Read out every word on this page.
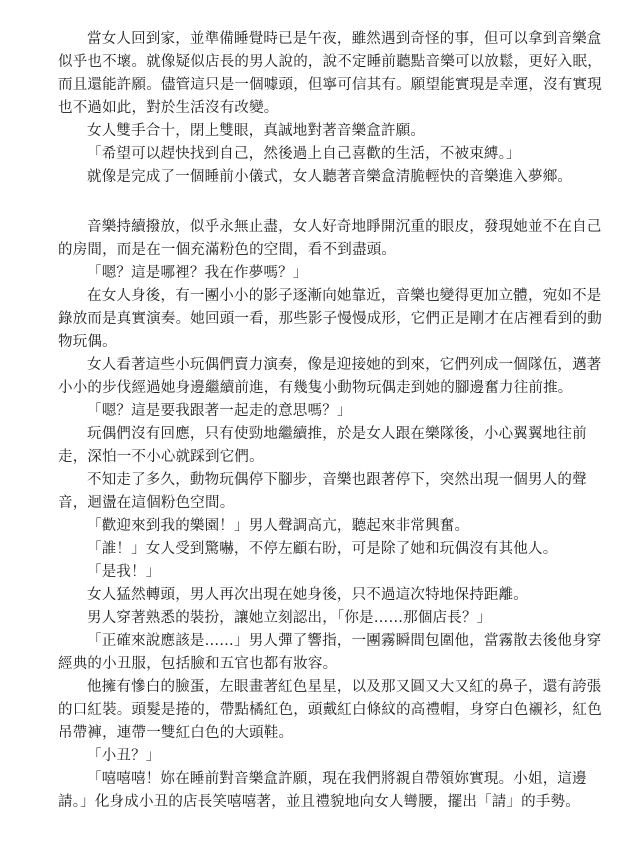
當女人回到家，並準備睡覺時已是午夜，雖然遇到奇怪的事，但可以拿到音樂盒
似乎也不壞。就像疑似店長的男人說的，說不定睡前聽點音樂可以放鬆，更好入眠，
而且還能許願。儘管這只是一個噱頭，但寧可信其有。願望能實現是幸運，沒有實現
也不過如此，對於生活沒有改變。
女人雙手合十，閉上雙眼，真誠地對著音樂盒許願。
「希望可以趕快找到自己，然後過上自己喜歡的生活，不被束縛。」
就像是完成了一個睡前小儀式，女人聽著音樂盒清脆輕快的音樂進入夢鄉。
音樂持續撥放，似乎永無止盡，女人好奇地睜開沉重的眼皮，發現她並不在自己
的房間，而是在一個充滿粉色的空間，看不到盡頭。
「嗯？這是哪裡？我在作夢嗎？」
在女人身後，有一團小小的影子逐漸向她靠近，音樂也變得更加立體，宛如不是
錄放而是真實演奏。她回頭一看，那些影子慢慢成形，它們正是剛才在店裡看到的動
物玩偶。
女人看著這些小玩偶們賣力演奏，像是迎接她的到來，它們列成一個隊伍，邁著
小小的步伐經過她身邊繼續前進，有幾隻小動物玩偶走到她的腳邊奮力往前推。
「嗯？這是要我跟著一起走的意思嗎？」
玩偶們沒有回應，只有使勁地繼續推，於是女人跟在樂隊後，小心翼翼地往前
走，深怕一不小心就踩到它們。
不知走了多久，動物玩偶停下腳步，音樂也跟著停下，突然出現一個男人的聲
音，迴盪在這個粉色空間。
「歡迎來到我的樂園！」男人聲調高亢，聽起來非常興奮。
「誰！」女人受到驚嚇，不停左顧右盼，可是除了她和玩偶沒有其他人。
「是我！」
女人猛然轉頭，男人再次出現在她身後，只不過這次特地保持距離。
男人穿著熟悉的裝扮，讓她立刻認出，「你是……那個店長？」
「正確來說應該是……」男人彈了響指，一團霧瞬間包圍他，當霧散去後他身穿
經典的小丑服，包括臉和五官也都有妝容。
他擁有慘白的臉蛋，左眼畫著紅色星星，以及那又圓又大又紅的鼻子，還有誇張
的口紅裝。頭髮是捲的，帶點橘紅色，頭戴紅白條紋的高禮帽，身穿白色襯衫，紅色
吊帶褲，連帶一雙紅白色的大頭鞋。
「小丑？」
「嘻嘻嘻！妳在睡前對音樂盒許願，現在我們將親自帶領妳實現。小姐，這邊
請。」化身成小丑的店長笑嘻嘻著，並且禮貌地向女人彎腰，擺出「請」的手勢。
